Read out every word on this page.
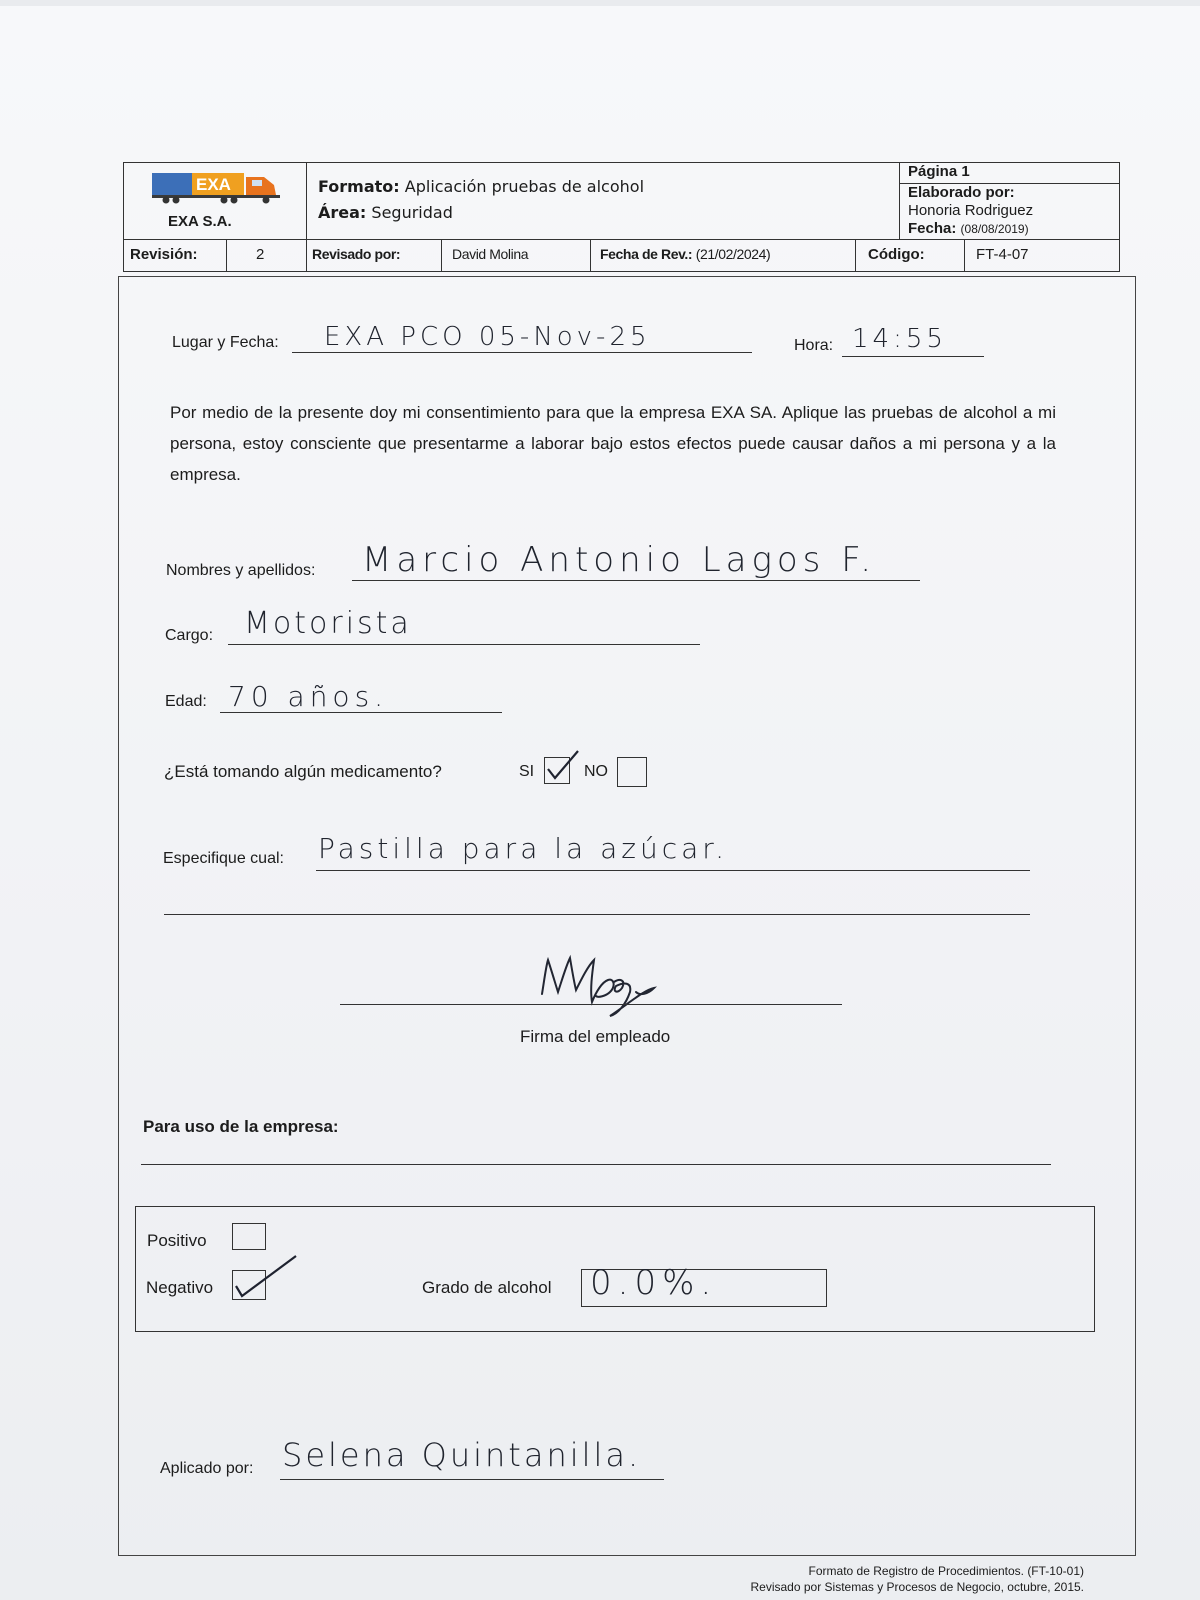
EXA
EXA S.A.
Formato: Aplicación pruebas de alcohol
Área: Seguridad
Página 1
Elaborado por:
Honoria Rodriguez
Fecha: (08/08/2019)
Revisión:	2	Revisado por:	David Molina	Fecha de Rev.: (21/02/2024)	Código:	FT-4-07
Lugar y Fecha: EXA PCO 05-Nov-25	Hora: 14:55
Por medio de la presente doy mi consentimiento para que la empresa EXA SA. Aplique las pruebas de alcohol a mi persona, estoy consciente que presentarme a laborar bajo estos efectos puede causar daños a mi persona y a la empresa.
Nombres y apellidos: Marcio Antonio Lagos F.
Cargo: Motorista
Edad: 70 años.
¿Está tomando algún medicamento?	SI	NO
Especifique cual: Pastilla para la azúcar.
Firma del empleado
Para uso de la empresa:
Positivo
Negativo	Grado de alcohol 0.0%.
Aplicado por: Selena Quintanilla.
Formato de Registro de Procedimientos. (FT-10-01)
Revisado por Sistemas y Procesos de Negocio, octubre, 2015.
